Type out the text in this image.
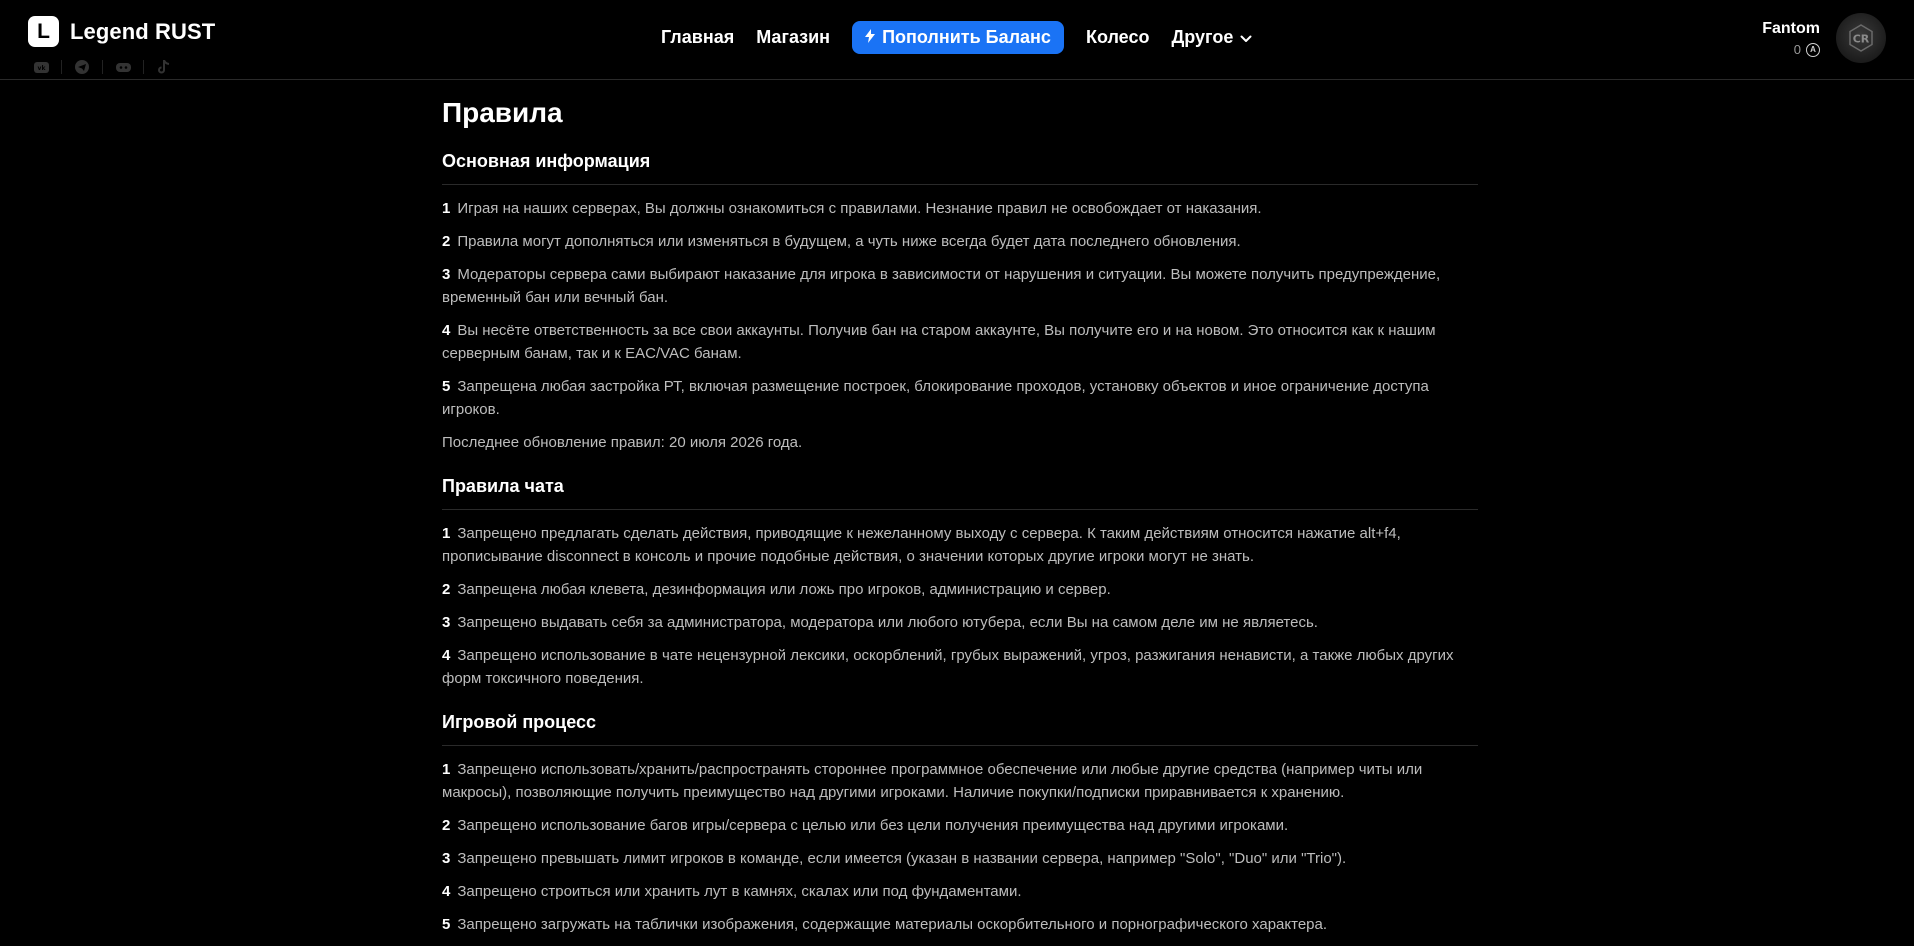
L Legend RUST
vk
Главная Магазин	Пополнить Баланс Колесо Другое	Fantom
0	A
CR
Правила
Основная информация

1 Играя на наших серверах, Вы должны ознакомиться с правилами. Незнание правил не освобождает от наказания.

2 Правила могут дополняться или изменяться в будущем, а чуть ниже всегда будет дата последнего обновления.

3 Модераторы сервера сами выбирают наказание для игрока в зависимости от нарушения и ситуации. Вы можете получить предупреждение, временный бан или вечный бан.

4 Вы несёте ответственность за все свои аккаунты. Получив бан на старом аккаунте, Вы получите его и на новом. Это относится как к нашим серверным банам, так и к EAC/VAC банам.

5 Запрещена любая застройка РТ, включая размещение построек, блокирование проходов, установку объектов и иное ограничение доступа игроков.

Последнее обновление правил: 20 июля 2026 года.

Правила чата

1 Запрещено предлагать сделать действия, приводящие к нежеланному выходу с сервера. К таким действиям относится нажатие alt+f4, прописывание disconnect в консоль и прочие подобные действия, о значении которых другие игроки могут не знать.

2 Запрещена любая клевета, дезинформация или ложь про игроков, администрацию и сервер.

3 Запрещено выдавать себя за администратора, модератора или любого ютубера, если Вы на самом деле им не являетесь.

4 Запрещено использование в чате нецензурной лексики, оскорблений, грубых выражений, угроз, разжигания ненависти, а также любых других форм токсичного поведения.

Игровой процесс

1 Запрещено использовать/хранить/распространять стороннее программное обеспечение или любые другие средства (например читы или макросы), позволяющие получить преимущество над другими игроками. Наличие покупки/подписки приравнивается к хранению.

2 Запрещено использование багов игры/сервера с целью или без цели получения преимущества над другими игроками.

3 Запрещено превышать лимит игроков в команде, если имеется (указан в названии сервера, например "Solo", "Duo" или "Trio").

4 Запрещено строиться или хранить лут в камнях, скалах или под фундаментами.

5 Запрещено загружать на таблички изображения, содержащие материалы оскорбительного и порнографического характера.
